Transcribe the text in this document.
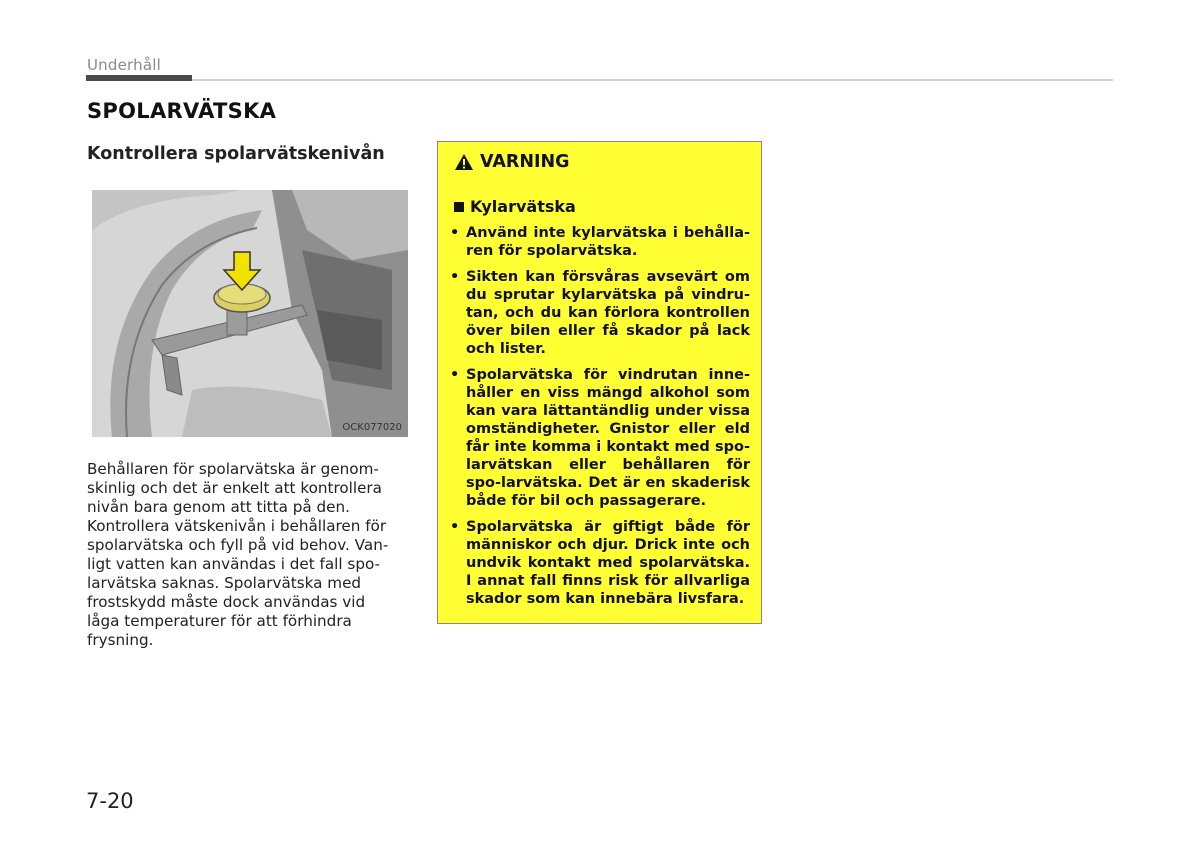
Underhåll
SPOLARVÄTSKA
Kontrollera spolarvätskenivån
OCK077020

Behållaren för spolarvätska är genom-

skinlig och det är enkelt att kontrollera

nivån bara genom att titta på den.

Kontrollera vätskenivån i behållaren för

spolarvätska och fyll på vid behov. Van-

ligt vatten kan användas i det fall spo-

larvätska saknas. Spolarvätska med

frostskydd måste dock användas vid

låga temperaturer för att förhindra

frysning.

VARNING
Kylarvätska
• Använd inte kylarvätska i behålla-ren för spolarvätska.
• Sikten kan försvåras avsevärt om du sprutar kylarvätska på vindru-tan, och du kan förlora kontrollen över bilen eller få skador på lack och lister.
• Spolarvätska för vindrutan inne-håller en viss mängd alkohol som kan vara lättantändlig under vissa omständigheter. Gnistor eller eld får inte komma i kontakt med spo-larvätskan eller behållaren för spo-larvätska. Det är en skaderisk både för bil och passagerare.
• Spolarvätska är giftigt både för människor och djur. Drick inte och undvik kontakt med spolarvätska. I annat fall finns risk för allvarliga skador som kan innebära livsfara.
7-20
